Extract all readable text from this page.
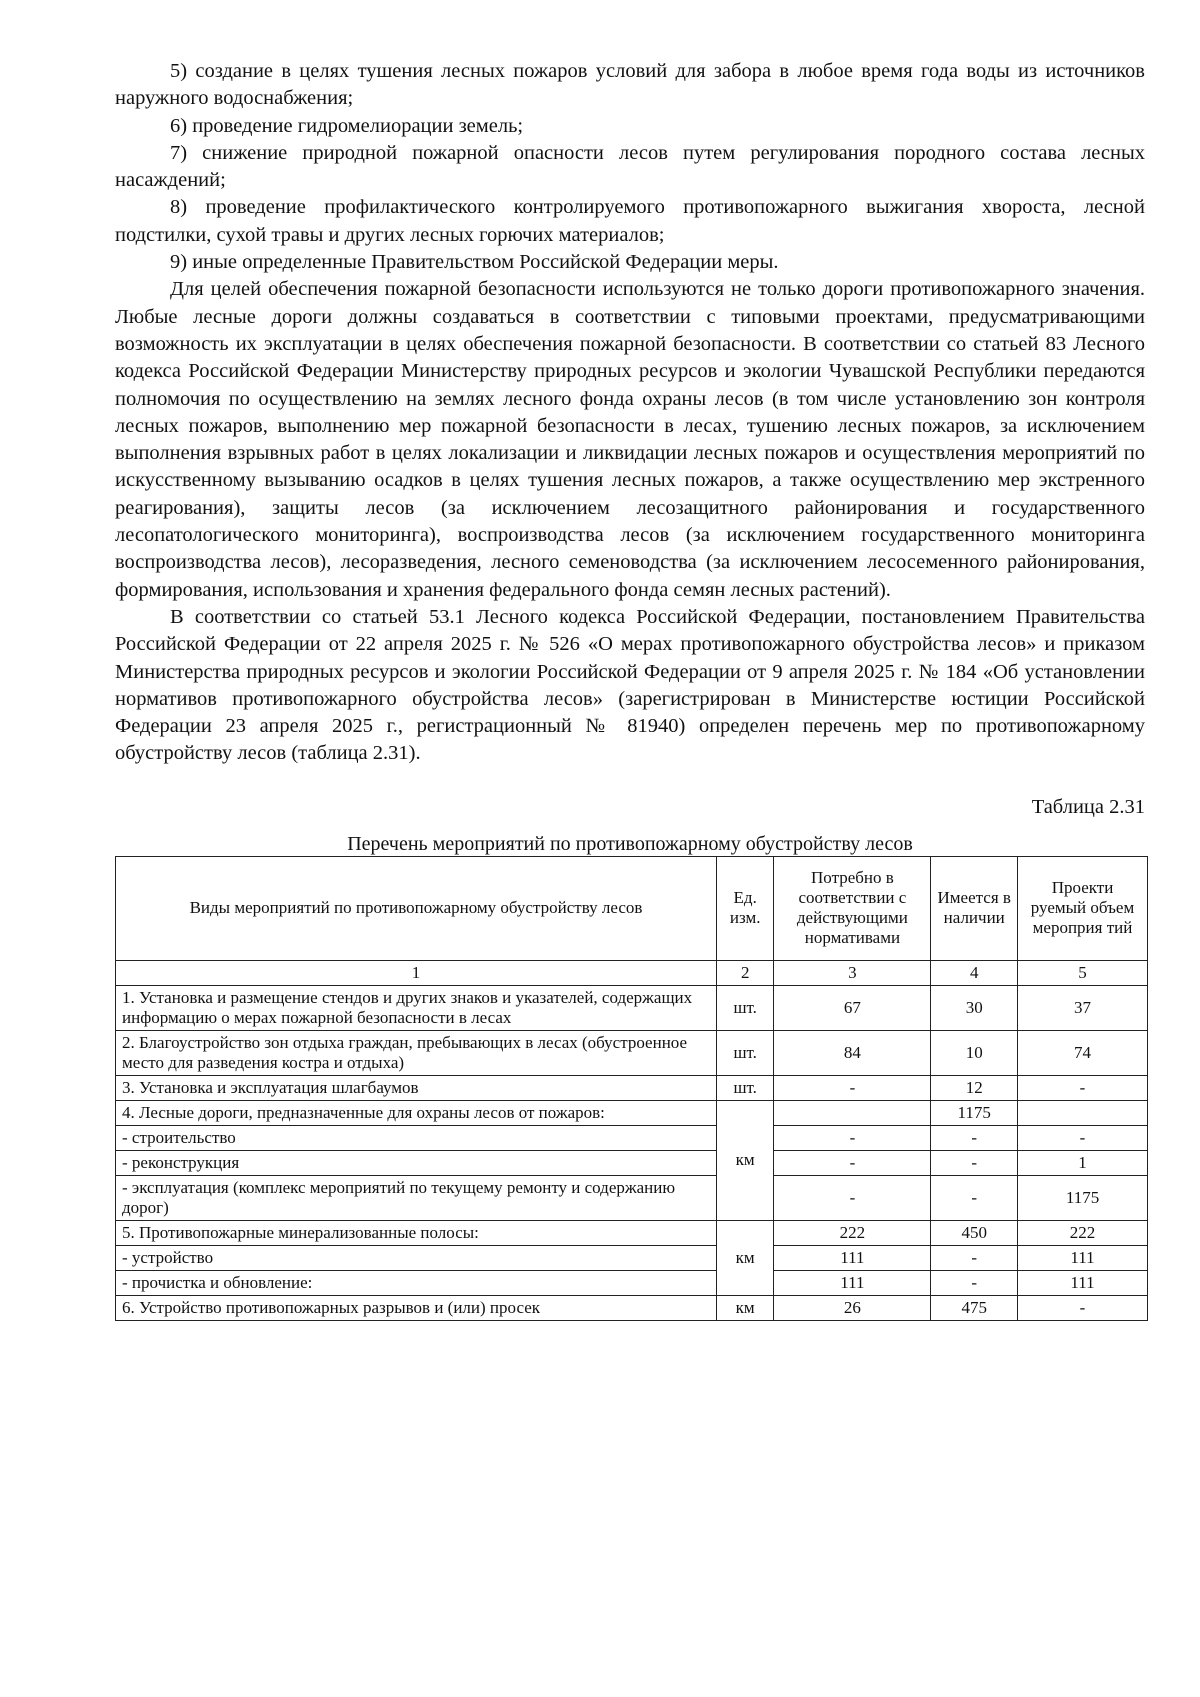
5) создание в целях тушения лесных пожаров условий для забора в любое время года воды из источников наружного водоснабжения;

6) проведение гидромелиорации земель;

7) снижение природной пожарной опасности лесов путем регулирования породного состава лесных насаждений;

8) проведение профилактического контролируемого противопожарного выжигания хвороста, лесной подстилки, сухой травы и других лесных горючих материалов;

9) иные определенные Правительством Российской Федерации меры.

Для целей обеспечения пожарной безопасности используются не только дороги противопожарного значения. Любые лесные дороги должны создаваться в соответствии с типовыми проектами, предусматривающими возможность их эксплуатации в целях обеспечения пожарной безопасности. В соответствии со статьей 83 Лесного кодекса Российской Федерации Министерству природных ресурсов и экологии Чувашской Республики передаются полномочия по осуществлению на землях лесного фонда охраны лесов (в том числе установлению зон контроля лесных пожаров, выполнению мер пожарной безопасности в лесах, тушению лесных пожаров, за исключением выполнения взрывных работ в целях локализации и ликвидации лесных пожаров и осуществления мероприятий по искусственному вызыванию осадков в целях тушения лесных пожаров, а также осуществлению мер экстренного реагирования), защиты лесов (за исключением лесозащитного районирования и государственного лесопатологического мониторинга), воспроизводства лесов (за исключением государственного мониторинга воспроизводства лесов), лесоразведения, лесного семеноводства (за исключением лесосеменного районирования, формирования, использования и хранения федерального фонда семян лесных растений).

В соответствии со статьей 53.1 Лесного кодекса Российской Федерации, постановлением Правительства Российской Федерации от 22 апреля 2025 г. № 526 «О мерах противопожарного обустройства лесов» и приказом Министерства природных ресурсов и экологии Российской Федерации от 9 апреля 2025 г. № 184 «Об установлении нормативов противопожарного обустройства лесов» (зарегистрирован в Министерстве юстиции Российской Федерации 23 апреля 2025 г., регистрационный № 81940) определен перечень мер по противопожарному обустройству лесов (таблица 2.31).

Таблица 2.31
Перечень мероприятий по противопожарному обустройству лесов
Виды мероприятий по противопожарному обустройству лесов	Ед. изм.	Потребно в соответствии с действующими нормативами	Имеется в наличии	Проекти руемый объем мероприя тий
1	2	3	4	5
1. Установка и размещение стендов и других знаков и указателей, содержащих информацию о мерах пожарной безопасности в лесах	шт.	67	30	37
2. Благоустройство зон отдыха граждан, пребывающих в лесах (обустроенное место для разведения костра и отдыха)	шт.	84	10	74
3. Установка и эксплуатация шлагбаумов	шт.	-	12	-
4. Лесные дороги, предназначенные для охраны лесов от пожаров:	км		1175	
- строительство		-	-	-
- реконструкция		-	-	1
- эксплуатация (комплекс мероприятий по текущему ремонту и содержанию дорог)		-	-	1175
5. Противопожарные минерализованные полосы:	км	222	450	222
- устройство		111	-	111
- прочистка и обновление:		111	-	111
6. Устройство противопожарных разрывов и (или) просек	км	26	475	-
